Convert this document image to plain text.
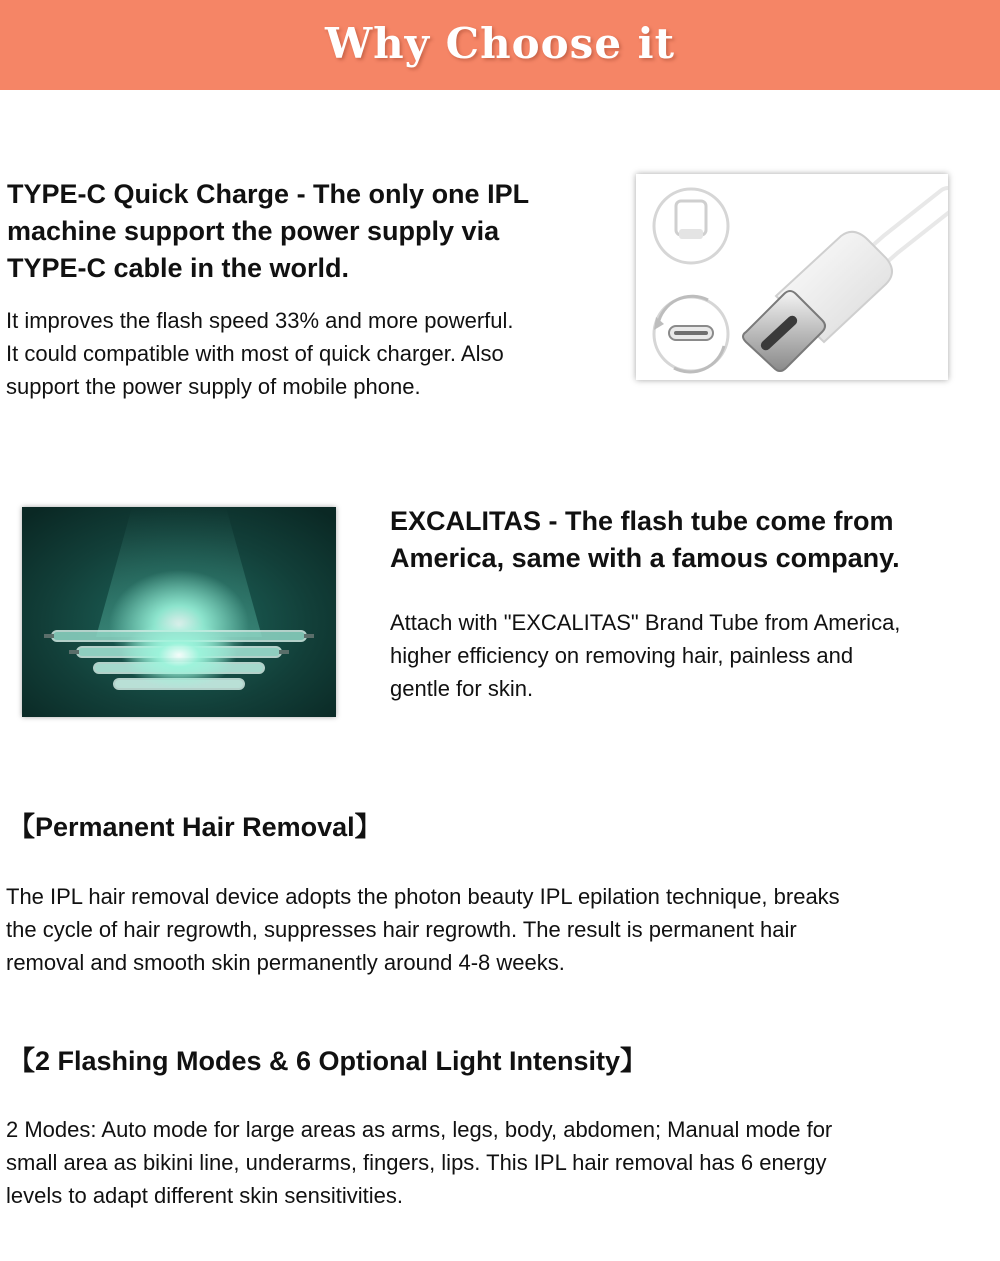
Why Choose it
TYPE-C Quick Charge - The only one IPL
machine support the power supply via
TYPE-C cable in the world.
It improves the flash speed 33% and more powerful.
It could compatible with most of quick charger. Also
support the power supply of mobile phone.
EXCALITAS - The flash tube come from
America, same with a famous company.
Attach with "EXCALITAS" Brand Tube from America,
higher efficiency on removing hair, painless and
gentle for skin.
【Permanent Hair Removal】
The IPL hair removal device adopts the photon beauty IPL epilation technique, breaks
the cycle of hair regrowth, suppresses hair regrowth. The result is permanent hair
removal and smooth skin permanently around 4-8 weeks.
【2 Flashing Modes & 6 Optional Light Intensity】
2 Modes: Auto mode for large areas as arms, legs, body, abdomen; Manual mode for
small area as bikini line, underarms, fingers, lips. This IPL hair removal has 6 energy
levels to adapt different skin sensitivities.
